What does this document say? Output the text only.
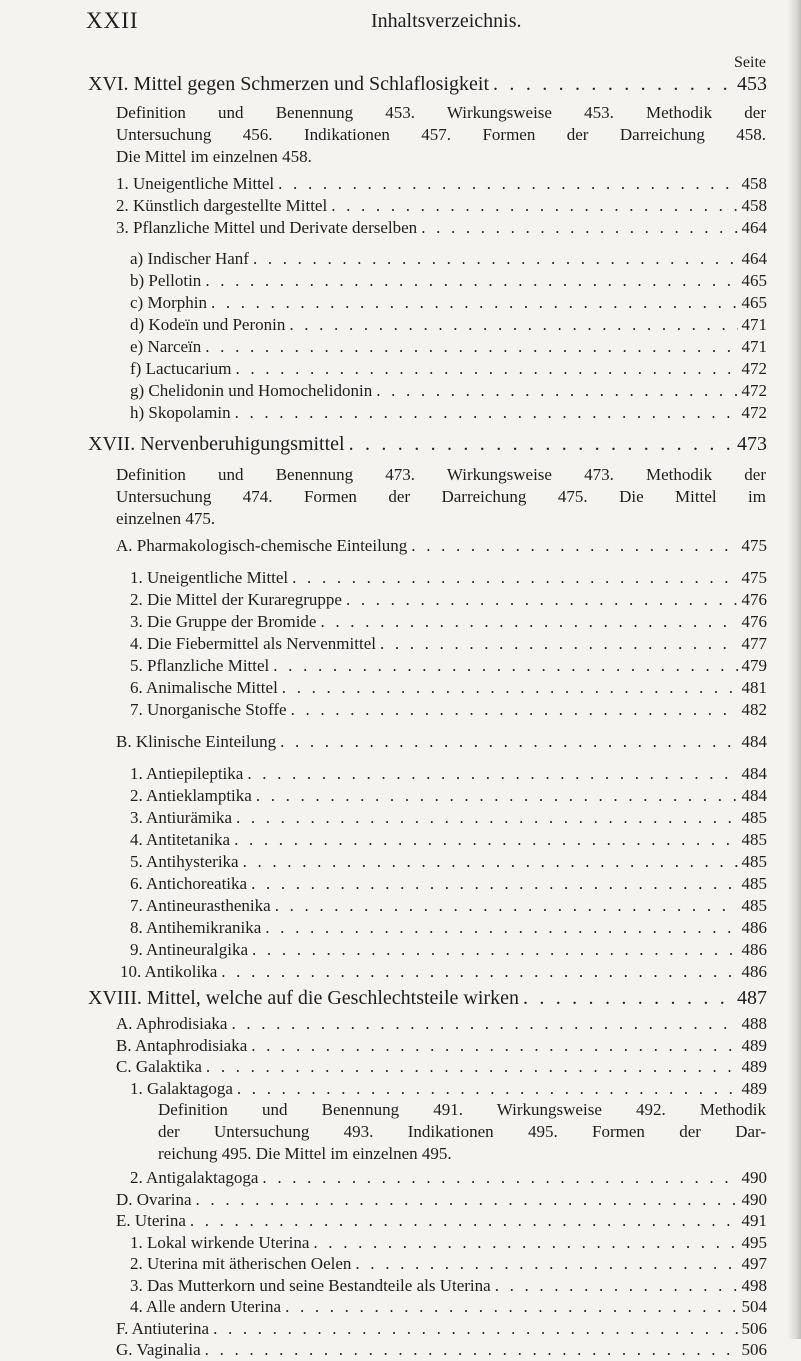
XXII	Inhaltsverzeichnis.
Seite
XVI. Mittel gegen Schmerzen und Schlaflosigkeit . . .	453
Definition und Benennung 453. Wirkungsweise 453. Methodik der
Untersuchung 456. Indikationen 457. Formen der Darreichung 458.
Die Mittel im einzelnen 458.
1. Uneigentliche Mittel . . .	458
2. Künstlich dargestellte Mittel . . .	458
3. Pflanzliche Mittel und Derivate derselben . . .	464
a) Indischer Hanf . . .	464
b) Pellotin . . .	465
c) Morphin . . .	465
d) Kodeïn und Peronin . . .	471
e) Narceïn . . .	471
f) Lactucarium . . .	472
g) Chelidonin und Homochelidonin . . .	472
h) Skopolamin . . .	472
XVII. Nervenberuhigungsmittel . . .	473
Definition und Benennung 473. Wirkungsweise 473. Methodik der
Untersuchung 474. Formen der Darreichung 475. Die Mittel im
einzelnen 475.
A. Pharmakologisch-chemische Einteilung . . .	475
1. Uneigentliche Mittel . . .	475
2. Die Mittel der Kuraregruppe . . .	476
3. Die Gruppe der Bromide . . .	476
4. Die Fiebermittel als Nervenmittel . . .	477
5. Pflanzliche Mittel . . .	479
6. Animalische Mittel . . .	481
7. Unorganische Stoffe . . .	482
B. Klinische Einteilung . . .	484
1. Antiepileptika . . .	484
2. Antieklamptika . . .	484
3. Antiurämika . . .	485
4. Antitetanika . . .	485
5. Antihysterika . . .	485
6. Antichoreatika . . .	485
7. Antineurasthenika . . .	485
8. Antihemikranika . . .	486
9. Antineuralgika . . .	486
10. Antikolika . . .	486
XVIII. Mittel, welche auf die Geschlechtsteile wirken . . .	487
A. Aphrodisiaka . . .	488
B. Antaphrodisiaka . . .	489
C. Galaktika . . .	489
1. Galaktagoga . . .	489
2. Antigalaktagoga . . .	490
D. Ovarina . . .	490
E. Uterina . . .	491
Definition und Benennung 491. Wirkungsweise 492. Methodik
der Untersuchung 493. Indikationen 495. Formen der Dar-
reichung 495. Die Mittel im einzelnen 495.
1. Lokal wirkende Uterina . . .	495
2. Uterina mit ätherischen Oelen . . .	497
3. Das Mutterkorn und seine Bestandteile als Uterina . . .	498
4. Alle andern Uterina . . .	504
F. Antiuterina . . .	506
G. Vaginalia . . .	506
